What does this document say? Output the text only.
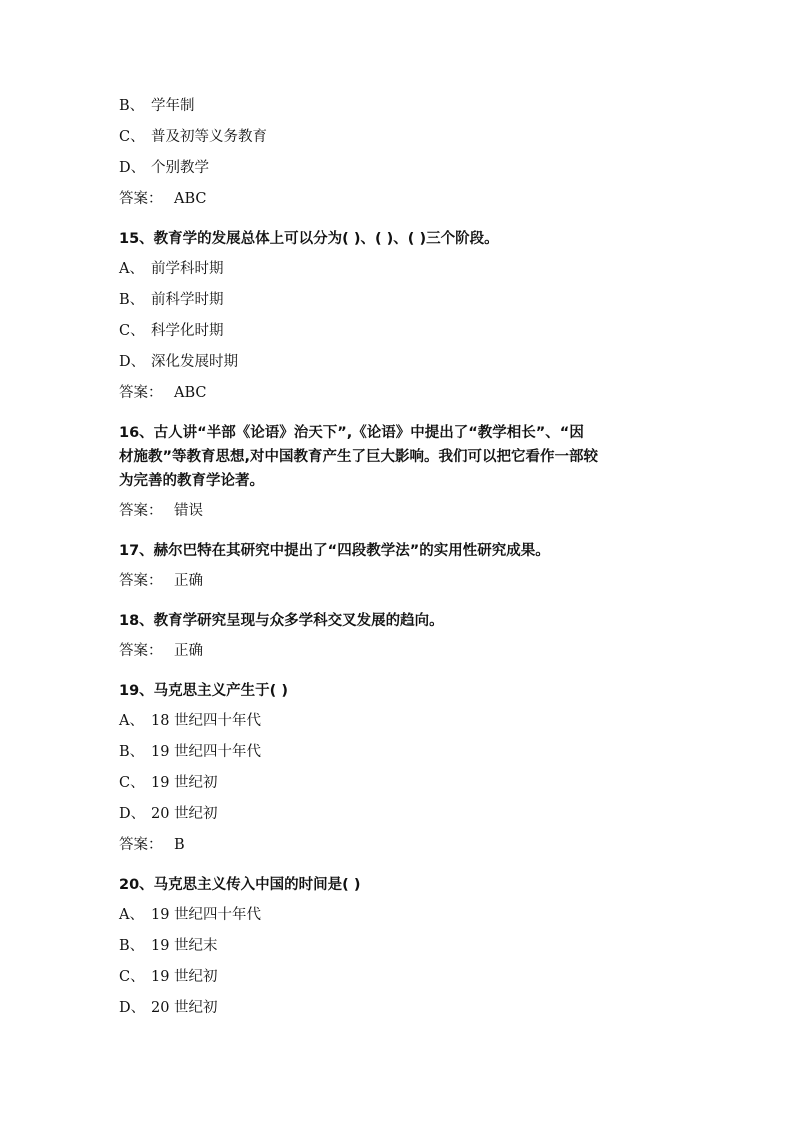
B、 学年制
C、 普及初等义务教育
D、 个别教学
答案： ABC
15、教育学的发展总体上可以分为( )、( )、( )三个阶段。
A、 前学科时期
B、 前科学时期
C、 科学化时期
D、 深化发展时期
答案： ABC
16、古人讲“半部《论语》治天下”,《论语》中提出了“教学相长”、“因
材施教”等教育思想,对中国教育产生了巨大影响。我们可以把它看作一部较
为完善的教育学论著。
答案： 错误
17、赫尔巴特在其研究中提出了“四段教学法”的实用性研究成果。
答案： 正确
18、教育学研究呈现与众多学科交叉发展的趋向。
答案： 正确
19、马克思主义产生于( )
A、 18 世纪四十年代
B、 19 世纪四十年代
C、 19 世纪初
D、 20 世纪初
答案： B
20、马克思主义传入中国的时间是( )
A、 19 世纪四十年代
B、 19 世纪末
C、 19 世纪初
D、 20 世纪初
